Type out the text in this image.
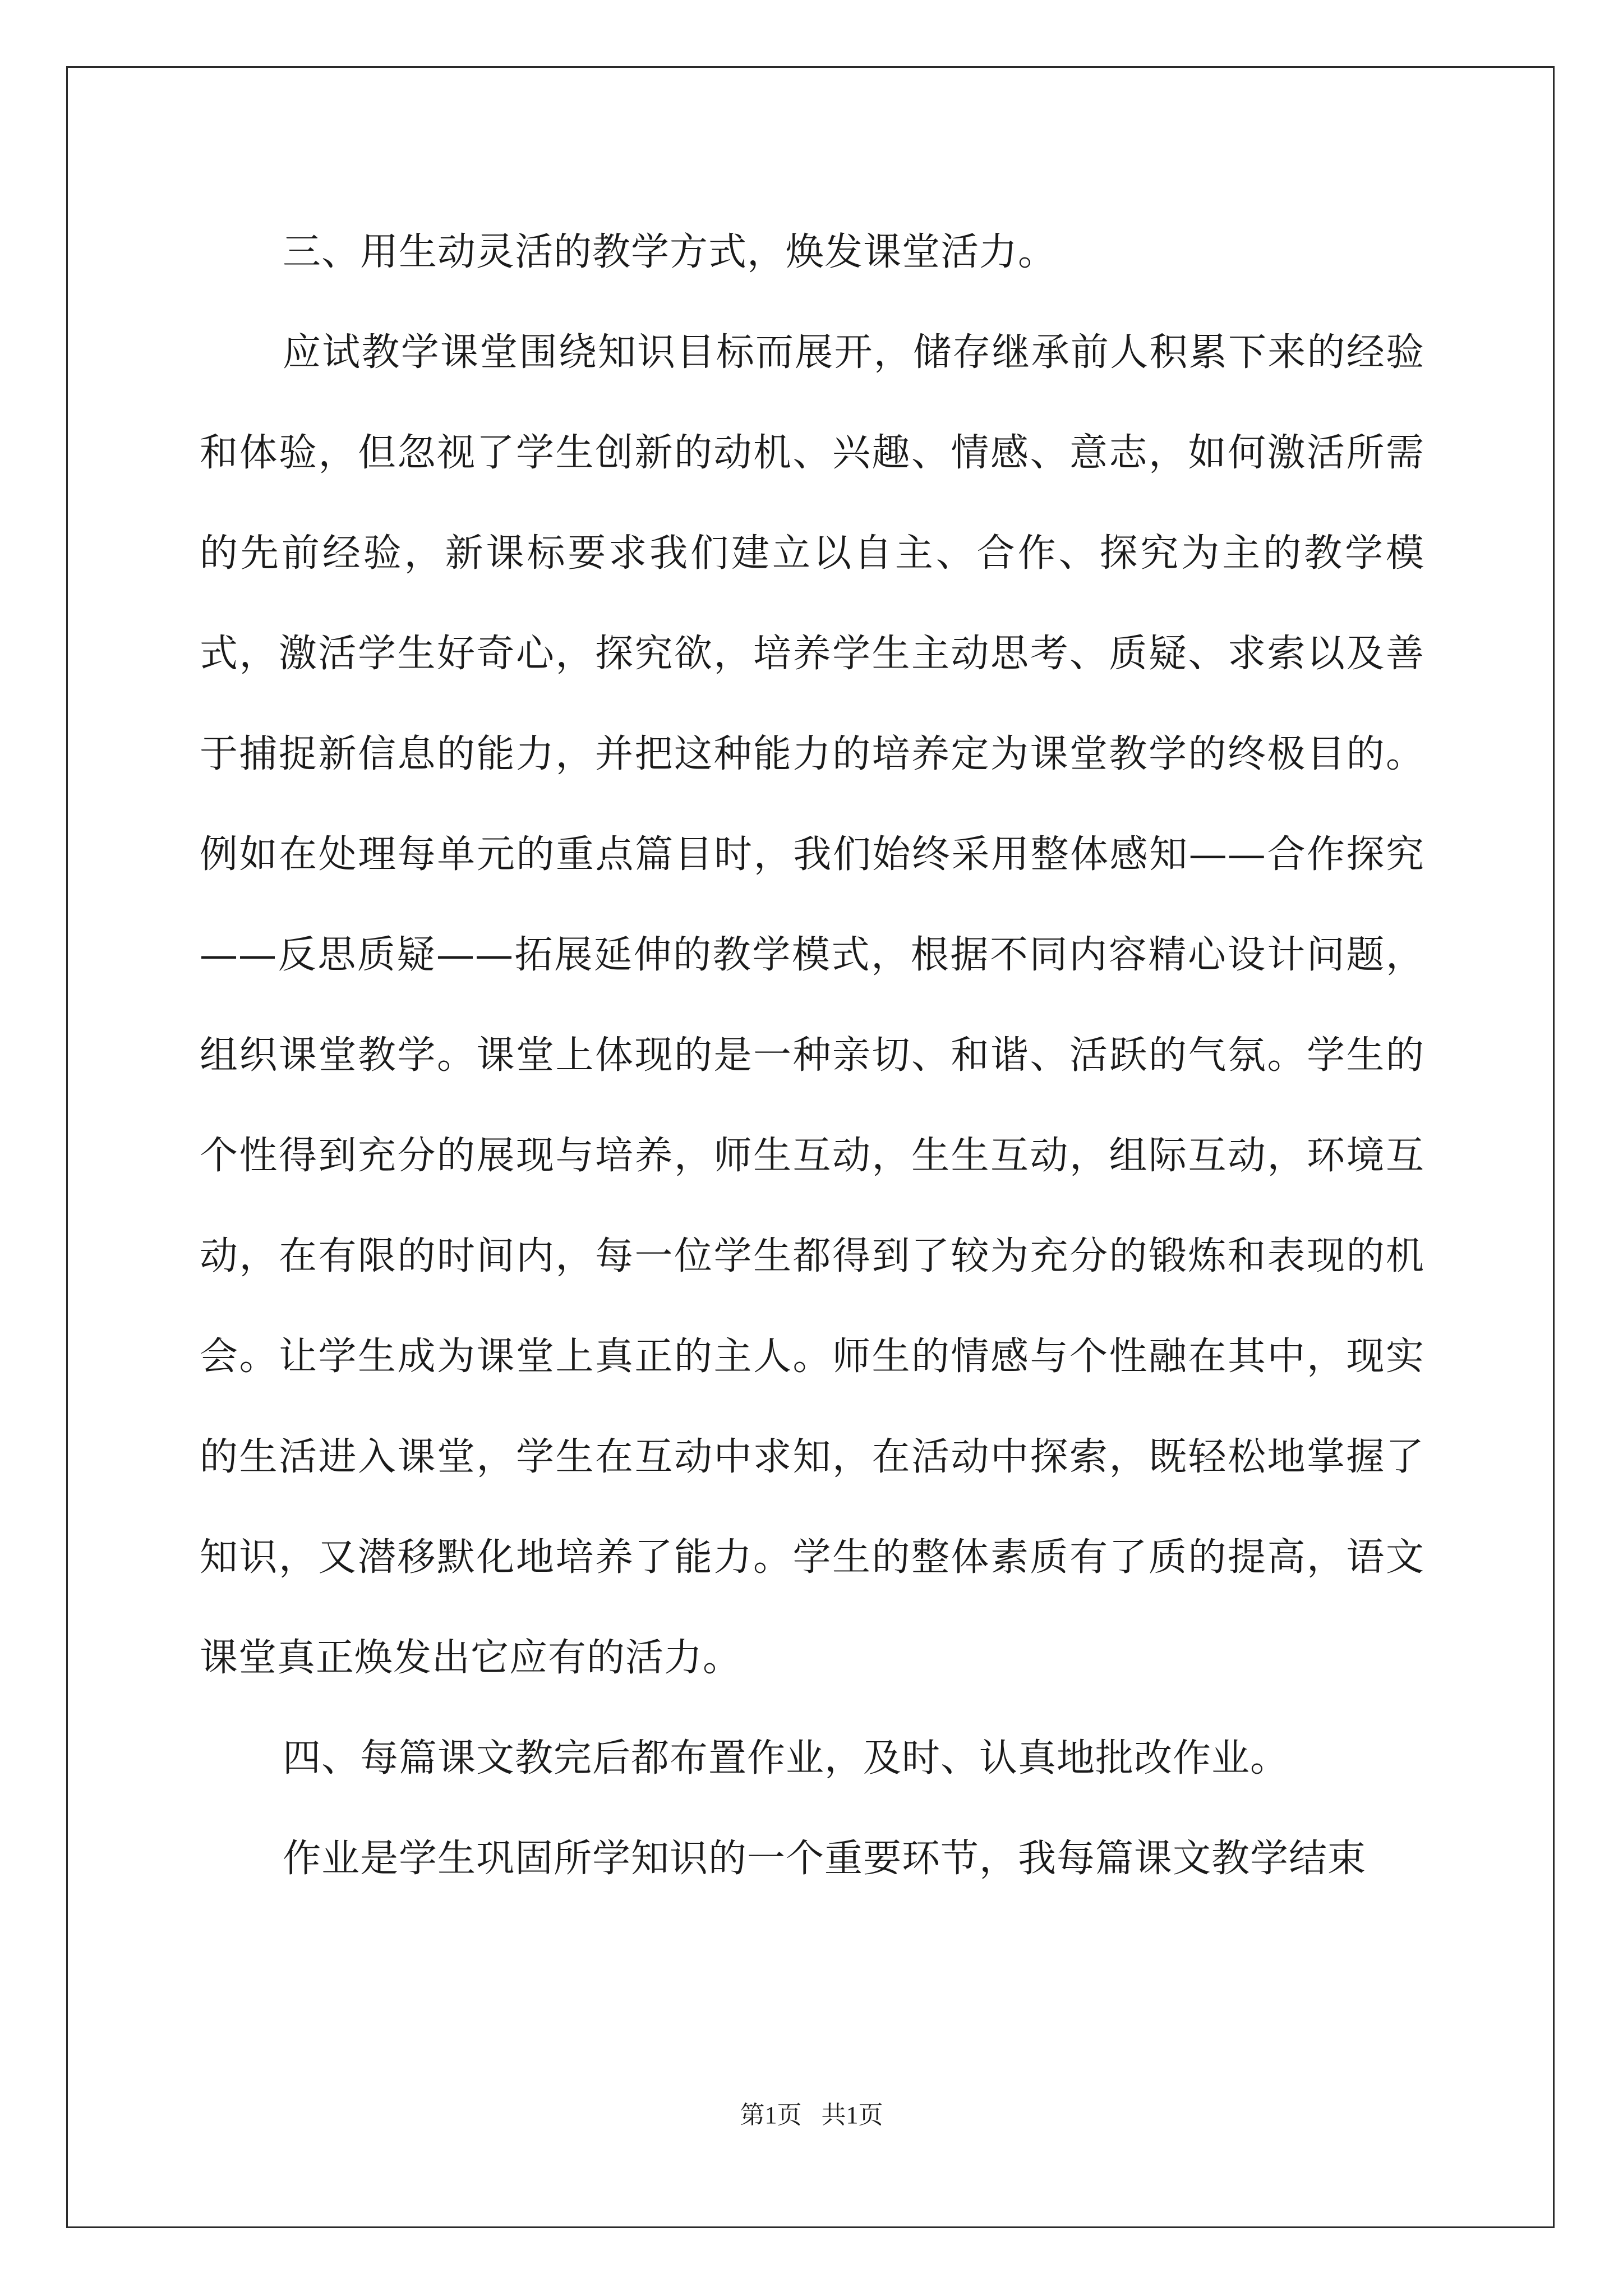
三、用生动灵活的教学方式，焕发课堂活力。

应试教学课堂围绕知识目标而展开，储存继承前人积累下来的经验和体验，但忽视了学生创新的动机、兴趣、情感、意志，如何激活所需的先前经验，新课标要求我们建立以自主、合作、探究为主的教学模式，激活学生好奇心，探究欲，培养学生主动思考、质疑、求索以及善于捕捉新信息的能力，并把这种能力的培养定为课堂教学的终极目的。例如在处理每单元的重点篇目时，我们始终采用整体感知——合作探究——反思质疑——拓展延伸的教学模式，根据不同内容精心设计问题，组织课堂教学。课堂上体现的是一种亲切、和谐、活跃的气氛。学生的个性得到充分的展现与培养，师生互动，生生互动，组际互动，环境互动，在有限的时间内，每一位学生都得到了较为充分的锻炼和表现的机会。让学生成为课堂上真正的主人。师生的情感与个性融在其中，现实的生活进入课堂，学生在互动中求知，在活动中探索，既轻松地掌握了知识，又潜移默化地培养了能力。学生的整体素质有了质的提高，语文课堂真正焕发出它应有的活力。

四、每篇课文教完后都布置作业，及时、认真地批改作业。

作业是学生巩固所学知识的一个重要环节，我每篇课文教学结束

第1页 共1页
